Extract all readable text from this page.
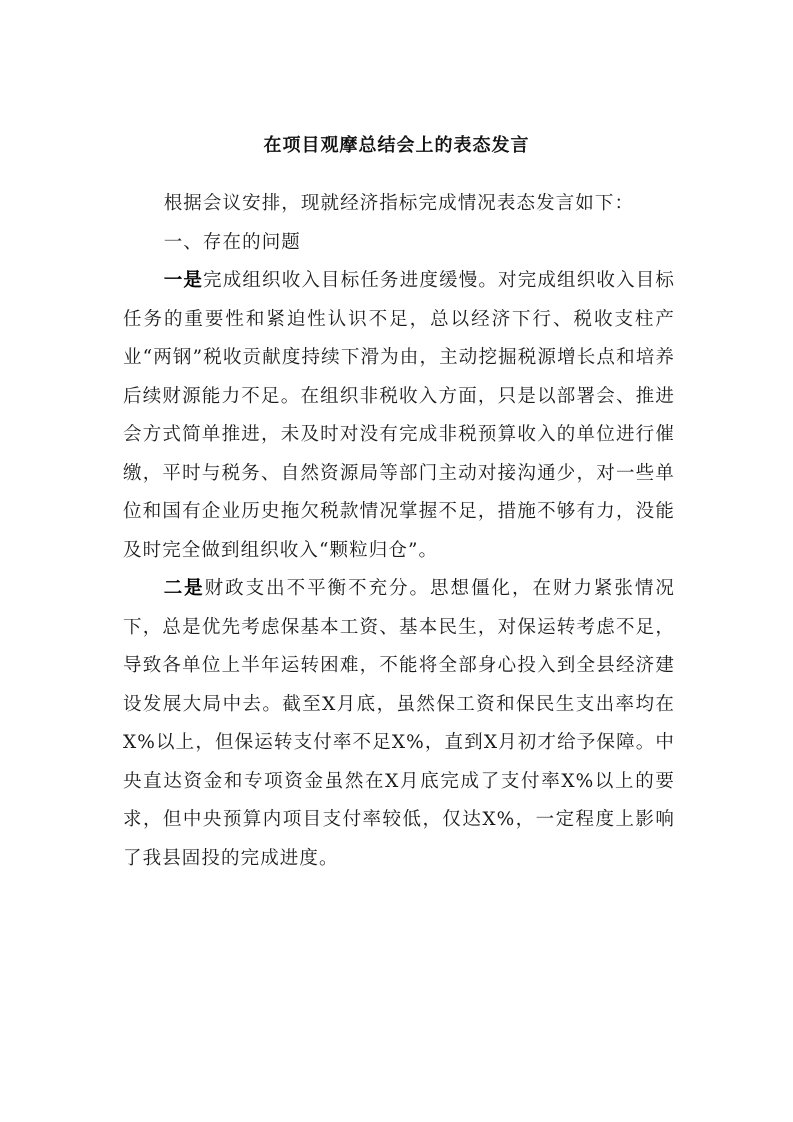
在项目观摩总结会上的表态发言

根据会议安排，现就经济指标完成情况表态发言如下：

一、存在的问题

一是完成组织收入目标任务进度缓慢。对完成组织收入目标任务的重要性和紧迫性认识不足，总以经济下行、税收支柱产业“两钢”税收贡献度持续下滑为由，主动挖掘税源增长点和培养后续财源能力不足。在组织非税收入方面，只是以部署会、推进会方式简单推进，未及时对没有完成非税预算收入的单位进行催缴，平时与税务、自然资源局等部门主动对接沟通少，对一些单位和国有企业历史拖欠税款情况掌握不足，措施不够有力，没能及时完全做到组织收入“颗粒归仓”。

二是财政支出不平衡不充分。思想僵化，在财力紧张情况下，总是优先考虑保基本工资、基本民生，对保运转考虑不足，导致各单位上半年运转困难，不能将全部身心投入到全县经济建设发展大局中去。截至X月底，虽然保工资和保民生支出率均在X%以上，但保运转支付率不足X%，直到X月初才给予保障。中央直达资金和专项资金虽然在X月底完成了支付率X%以上的要求，但中央预算内项目支付率较低，仅达X%，一定程度上影响了我县固投的完成进度。
